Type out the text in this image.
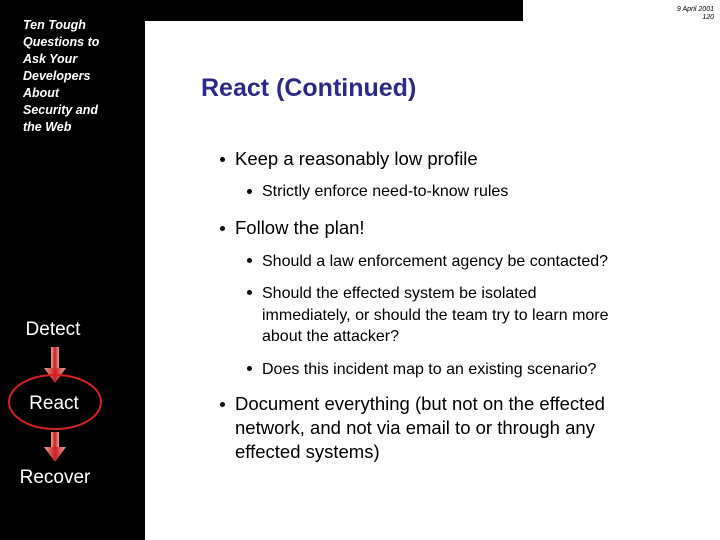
Ten Tough
Questions to
Ask Your
Developers
About
Security and
the Web
Detect
React
Recover
9 April 2001
120
React (Continued)
Keep a reasonably low profile
Strictly enforce need-to-know rules
Follow the plan!
Should a law enforcement agency be contacted?
Should the effected system be isolated
immediately, or should the team try to learn more
about the attacker?
Does this incident map to an existing scenario?
Document everything (but not on the effected
network, and not via email to or through any
effected systems)
